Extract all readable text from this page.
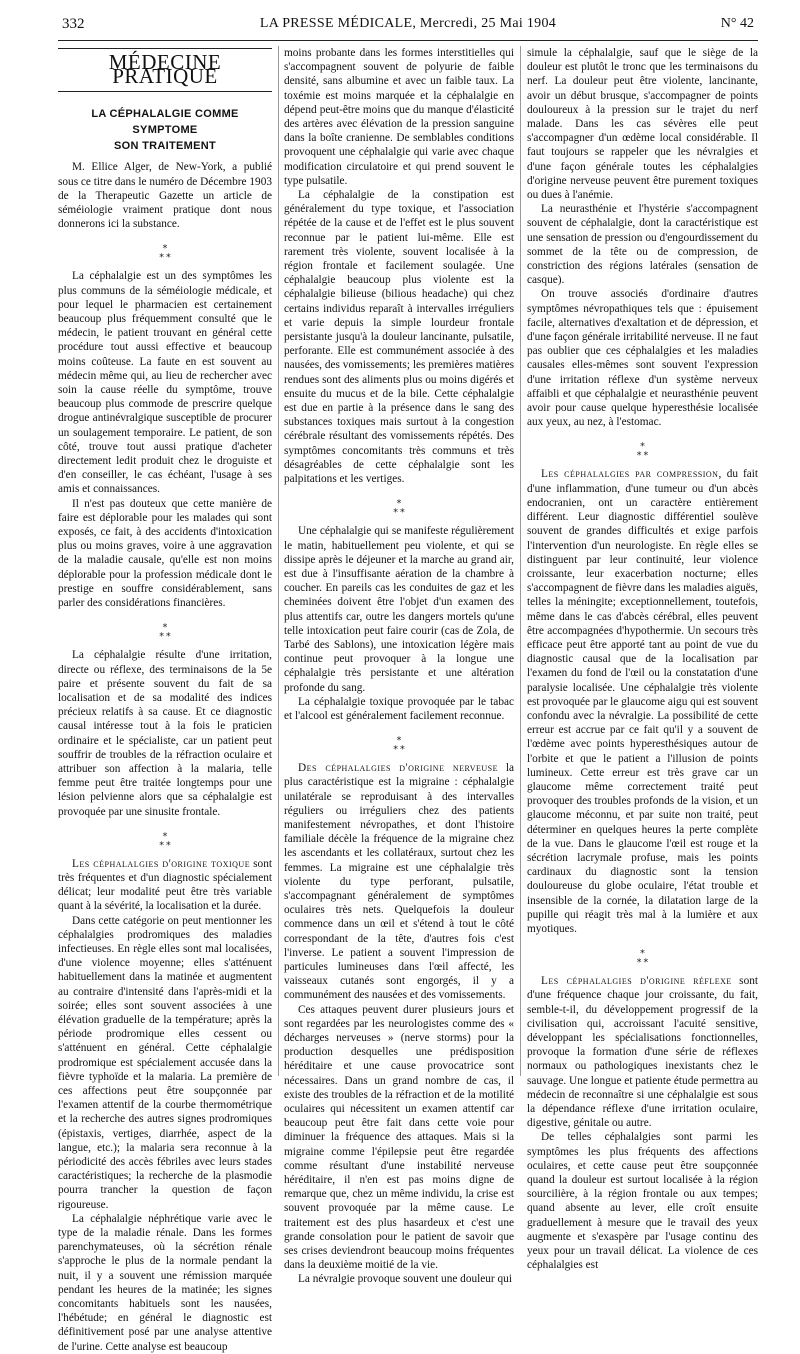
332	LA PRESSE MÉDICALE, Mercredi, 25 Mai 1904	N° 42
MÉDECINE PRATIQUE
LA CÉPHALALGIE COMME SYMPTOME
SON TRAITEMENT

M. Ellice Alger, de New-York, a publié sous ce titre dans le numéro de Décembre 1903 de la Therapeutic Gazette un article de séméiologie vraiment pratique dont nous donnerons ici la substance.

⁎
⁎ ⁎

La céphalalgie est un des symptômes les plus communs de la séméiologie médicale, et pour lequel le pharmacien est certainement beaucoup plus fréquemment consulté que le médecin, le patient trouvant en général cette procédure tout aussi effective et beaucoup moins coûteuse. La faute en est souvent au médecin même qui, au lieu de rechercher avec soin la cause réelle du symptôme, trouve beaucoup plus commode de prescrire quelque drogue antinévralgique susceptible de procurer un soulagement temporaire. Le patient, de son côté, trouve tout aussi pratique d'acheter directement ledit produit chez le droguiste et d'en conseiller, le cas échéant, l'usage à ses amis et connaissances.

Il n'est pas douteux que cette manière de faire est déplorable pour les malades qui sont exposés, ce fait, à des accidents d'intoxication plus ou moins graves, voire à une aggravation de la maladie causale, qu'elle est non moins déplorable pour la profession médicale dont le prestige en souffre considérablement, sans parler des considérations financières.

⁎
⁎ ⁎

La céphalalgie résulte d'une irritation, directe ou réflexe, des terminaisons de la 5e paire et présente souvent du fait de sa localisation et de sa modalité des indices précieux relatifs à sa cause. Et ce diagnostic causal intéresse tout à la fois le praticien ordinaire et le spécialiste, car un patient peut souffrir de troubles de la réfraction oculaire et attribuer son affection à la malaria, telle femme peut être traitée longtemps pour une lésion pelvienne alors que sa céphalalgie est provoquée par une sinusite frontale.

⁎
⁎ ⁎

Les céphalalgies d'origine toxique sont très fréquentes et d'un diagnostic spécialement délicat; leur modalité peut être très variable quant à la sévérité, la localisation et la durée.

Dans cette catégorie on peut mentionner les céphalalgies prodromiques des maladies infectieuses. En règle elles sont mal localisées, d'une violence moyenne; elles s'atténuent habituellement dans la matinée et augmentent au contraire d'intensité dans l'après-midi et la soirée; elles sont souvent associées à une élévation graduelle de la température; après la période prodromique elles cessent ou s'atténuent en général. Cette céphalalgie prodromique est spécialement accusée dans la fièvre typhoïde et la malaria. La première de ces affections peut être soupçonnée par l'examen attentif de la courbe thermométrique et la recherche des autres signes prodromiques (épistaxis, vertiges, diarrhée, aspect de la langue, etc.); la malaria sera reconnue à la périodicité des accès fébriles avec leurs stades caractéristiques; la recherche de la plasmodie pourra trancher la question de façon rigoureuse.

La céphalalgie néphrétique varie avec le type de la maladie rénale. Dans les formes parenchymateuses, où la sécrétion rénale s'approche le plus de la normale pendant la nuit, il y a souvent une rémission marquée pendant les heures de la matinée; les signes concomitants habituels sont les nausées, l'hébétude; en général le diagnostic est définitivement posé par une analyse attentive de l'urine. Cette analyse est beaucoup

moins probante dans les formes interstitielles qui s'accompagnent souvent de polyurie de faible densité, sans albumine et avec un faible taux. La toxémie est moins marquée et la céphalalgie en dépend peut-être moins que du manque d'élasticité des artères avec élévation de la pression sanguine dans la boîte cranienne. De semblables conditions provoquent une céphalalgie qui varie avec chaque modification circulatoire et qui prend souvent le type pulsatile.

La céphalalgie de la constipation est généralement du type toxique, et l'association répétée de la cause et de l'effet est le plus souvent reconnue par le patient lui-même. Elle est rarement très violente, souvent localisée à la région frontale et facilement soulagée. Une céphalalgie beaucoup plus violente est la céphalalgie bilieuse (bilious headache) qui chez certains individus reparaît à intervalles irréguliers et varie depuis la simple lourdeur frontale persistante jusqu'à la douleur lancinante, pulsatile, perforante. Elle est communément associée à des nausées, des vomissements; les premières matières rendues sont des aliments plus ou moins digérés et ensuite du mucus et de la bile. Cette céphalalgie est due en partie à la présence dans le sang des substances toxiques mais surtout à la congestion cérébrale résultant des vomissements répétés. Des symptômes concomitants très communs et très désagréables de cette céphalalgie sont les palpitations et les vertiges.

⁎
⁎ ⁎

Une céphalalgie qui se manifeste régulièrement le matin, habituellement peu violente, et qui se dissipe après le déjeuner et la marche au grand air, est due à l'insuffisante aération de la chambre à coucher. En pareils cas les conduites de gaz et les cheminées doivent être l'objet d'un examen des plus attentifs car, outre les dangers mortels qu'une telle intoxication peut faire courir (cas de Zola, de Tarbé des Sablons), une intoxication légère mais continue peut provoquer à la longue une céphalalgie très persistante et une altération profonde du sang.

La céphalalgie toxique provoquée par le tabac et l'alcool est généralement facilement reconnue.

⁎
⁎ ⁎

Des céphalalgies d'origine nerveuse la plus caractéristique est la migraine : céphalalgie unilatérale se reproduisant à des intervalles réguliers ou irréguliers chez des patients manifestement névropathes, et dont l'histoire familiale décèle la fréquence de la migraine chez les ascendants et les collatéraux, surtout chez les femmes. La migraine est une céphalalgie très violente du type perforant, pulsatile, s'accompagnant généralement de symptômes oculaires très nets. Quelquefois la douleur commence dans un œil et s'étend à tout le côté correspondant de la tête, d'autres fois c'est l'inverse. Le patient a souvent l'impression de particules lumineuses dans l'œil affecté, les vaisseaux cutanés sont engorgés, il y a communément des nausées et des vomissements.

Ces attaques peuvent durer plusieurs jours et sont regardées par les neurologistes comme des « décharges nerveuses » (nerve storms) pour la production desquelles une prédisposition héréditaire et une cause provocatrice sont nécessaires. Dans un grand nombre de cas, il existe des troubles de la réfraction et de la motilité oculaires qui nécessitent un examen attentif car beaucoup peut être fait dans cette voie pour diminuer la fréquence des attaques. Mais si la migraine comme l'épilepsie peut être regardée comme résultant d'une instabilité nerveuse héréditaire, il n'en est pas moins digne de remarque que, chez un même individu, la crise est souvent provoquée par la même cause. Le traitement est des plus hasardeux et c'est une grande consolation pour le patient de savoir que ses crises deviendront beaucoup moins fréquentes dans la deuxième moitié de la vie.

La névralgie provoque souvent une douleur qui

simule la céphalalgie, sauf que le siège de la douleur est plutôt le tronc que les terminaisons du nerf. La douleur peut être violente, lancinante, avoir un début brusque, s'accompagner de points douloureux à la pression sur le trajet du nerf malade. Dans les cas sévères elle peut s'accompagner d'un œdème local considérable. Il faut toujours se rappeler que les névralgies et d'une façon générale toutes les céphalalgies d'origine nerveuse peuvent être purement toxiques ou dues à l'anémie.

La neurasthénie et l'hystérie s'accompagnent souvent de céphalalgie, dont la caractéristique est une sensation de pression ou d'engourdissement du sommet de la tête ou de compression, de constriction des régions latérales (sensation de casque).

On trouve associés d'ordinaire d'autres symptômes névropathiques tels que : épuisement facile, alternatives d'exaltation et de dépression, et d'une façon générale irritabilité nerveuse. Il ne faut pas oublier que ces céphalalgies et les maladies causales elles-mêmes sont souvent l'expression d'une irritation réflexe d'un système nerveux affaibli et que céphalalgie et neurasthénie peuvent avoir pour cause quelque hyperesthésie localisée aux yeux, au nez, à l'estomac.

⁎
⁎ ⁎

Les céphalalgies par compression, du fait d'une inflammation, d'une tumeur ou d'un abcès endocranien, ont un caractère entièrement différent. Leur diagnostic différentiel soulève souvent de grandes difficultés et exige parfois l'intervention d'un neurologiste. En règle elles se distinguent par leur continuité, leur violence croissante, leur exacerbation nocturne; elles s'accompagnent de fièvre dans les maladies aiguës, telles la méningite; exceptionnellement, toutefois, même dans le cas d'abcès cérébral, elles peuvent être accompagnées d'hypothermie. Un secours très efficace peut être apporté tant au point de vue du diagnostic causal que de la localisation par l'examen du fond de l'œil ou la constatation d'une paralysie localisée. Une céphalalgie très violente est provoquée par le glaucome aigu qui est souvent confondu avec la névralgie. La possibilité de cette erreur est accrue par ce fait qu'il y a souvent de l'œdème avec points hyperesthésiques autour de l'orbite et que le patient a l'illusion de points lumineux. Cette erreur est très grave car un glaucome même correctement traité peut provoquer des troubles profonds de la vision, et un glaucome méconnu, et par suite non traité, peut déterminer en quelques heures la perte complète de la vue. Dans le glaucome l'œil est rouge et la sécrétion lacrymale profuse, mais les points cardinaux du diagnostic sont la tension douloureuse du globe oculaire, l'état trouble et insensible de la cornée, la dilatation large de la pupille qui réagit très mal à la lumière et aux myotiques.

⁎
⁎ ⁎

Les céphalalgies d'origine réflexe sont d'une fréquence chaque jour croissante, du fait, semble-t-il, du développement progressif de la civilisation qui, accroissant l'acuité sensitive, développant les spécialisations fonctionnelles, provoque la formation d'une série de réflexes normaux ou pathologiques inexistants chez le sauvage. Une longue et patiente étude permettra au médecin de reconnaître si une céphalalgie est sous la dépendance réflexe d'une irritation oculaire, digestive, génitale ou autre.

De telles céphalalgies sont parmi les symptômes les plus fréquents des affections oculaires, et cette cause peut être soupçonnée quand la douleur est surtout localisée à la région sourcilière, à la région frontale ou aux tempes; quand absente au lever, elle croît ensuite graduellement à mesure que le travail des yeux augmente et s'exaspère par l'usage continu des yeux pour un travail délicat. La violence de ces céphalalgies est
